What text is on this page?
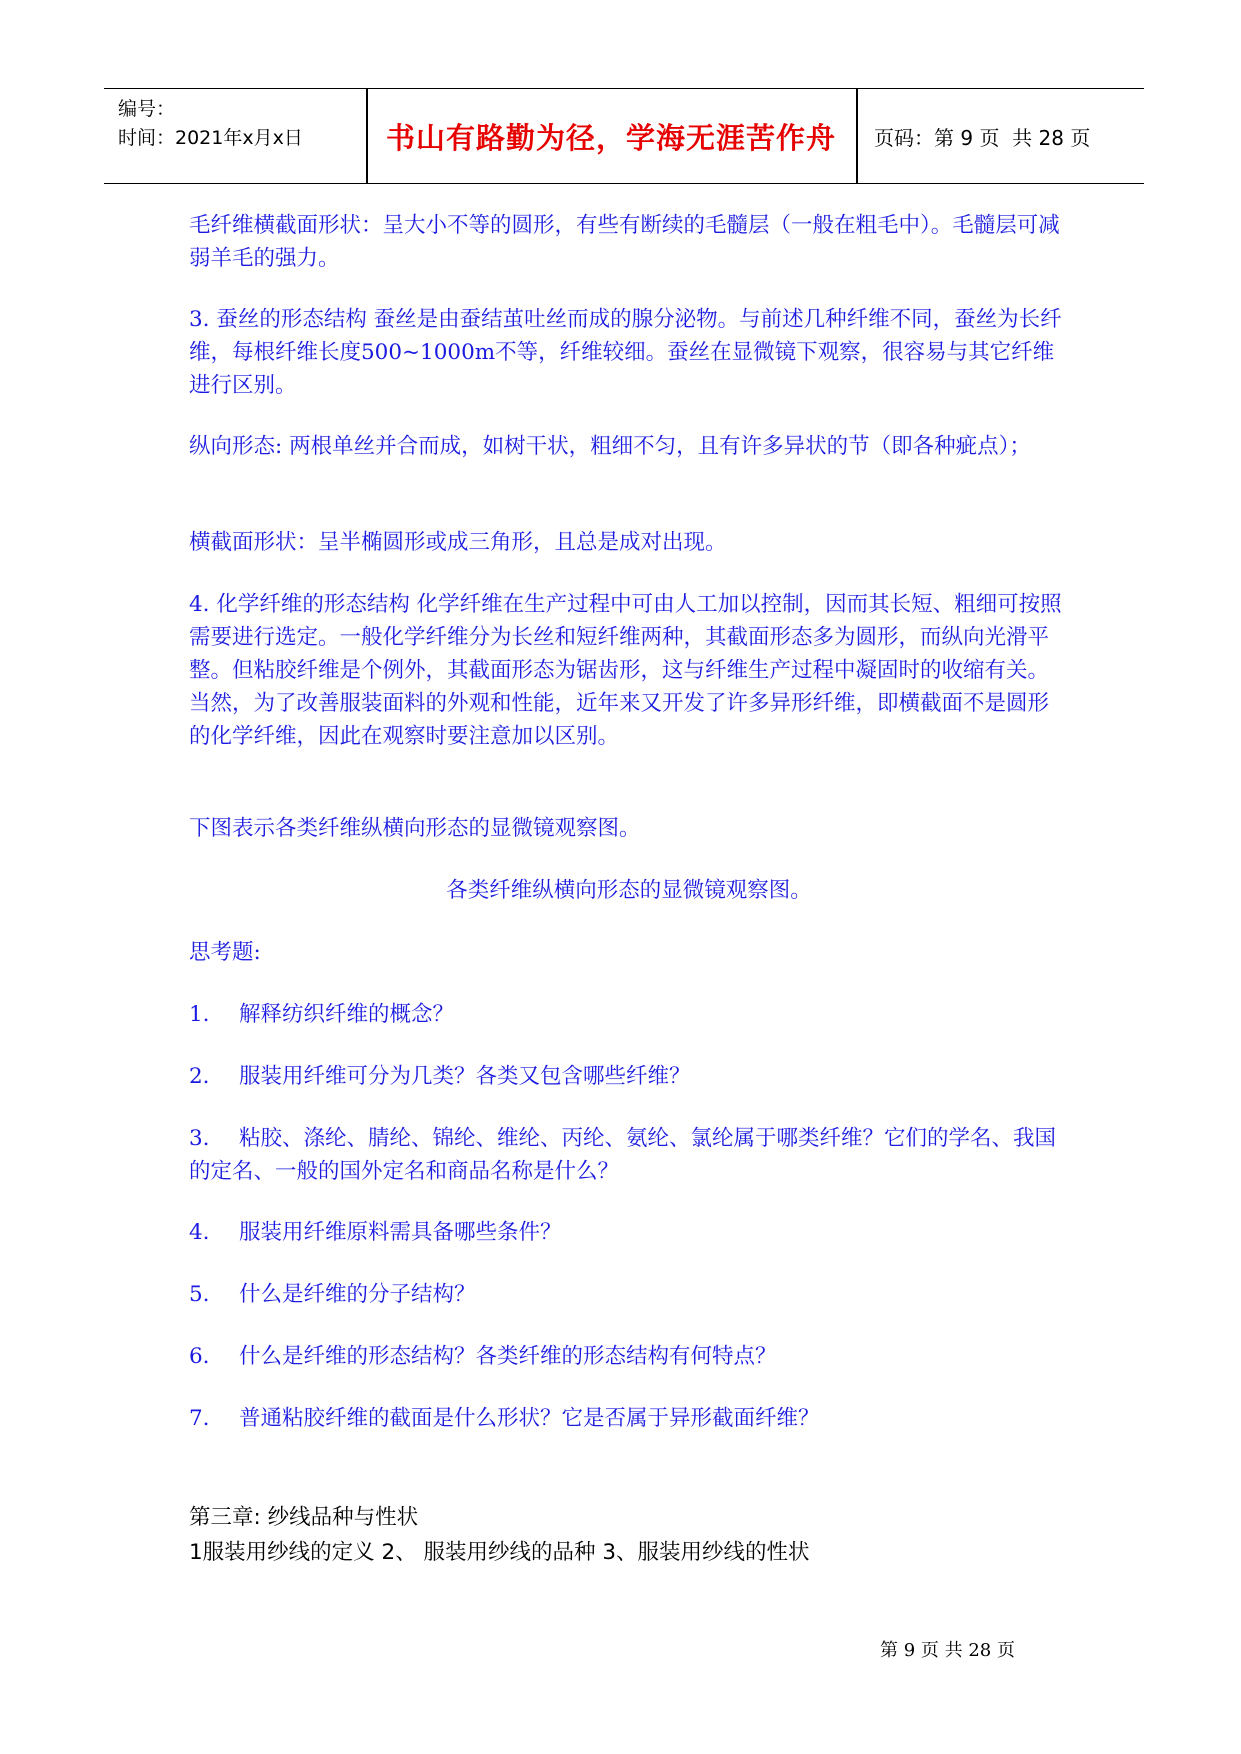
编号：
时间：2021年x月x日	书山有路勤为径，学海无涯苦作舟	页码：第 9 页  共 28 页

毛纤维横截面形状：呈大小不等的圆形，有些有断续的毛髓层（一般在粗毛中）。毛髓层可减弱羊毛的强力。

3. 蚕丝的形态结构 蚕丝是由蚕结茧吐丝而成的腺分泌物。与前述几种纤维不同，蚕丝为长纤维，每根纤维长度500~1000m不等，纤维较细。蚕丝在显微镜下观察，很容易与其它纤维进行区别。

纵向形态: 两根单丝并合而成，如树干状，粗细不匀，且有许多异状的节（即各种疵点）；

横截面形状：呈半椭圆形或成三角形，且总是成对出现。

4. 化学纤维的形态结构 化学纤维在生产过程中可由人工加以控制，因而其长短、粗细可按照需要进行选定。一般化学纤维分为长丝和短纤维两种，其截面形态多为圆形，而纵向光滑平整。但粘胶纤维是个例外，其截面形态为锯齿形，这与纤维生产过程中凝固时的收缩有关。当然，为了改善服装面料的外观和性能，近年来又开发了许多异形纤维，即横截面不是圆形的化学纤维，因此在观察时要注意加以区别。

下图表示各类纤维纵横向形态的显微镜观察图。

各类纤维纵横向形态的显微镜观察图。

思考题:

1. 解释纺织纤维的概念？

2. 服装用纤维可分为几类？各类又包含哪些纤维？

3. 粘胶、涤纶、腈纶、锦纶、维纶、丙纶、氨纶、氯纶属于哪类纤维？它们的学名、我国的定名、一般的国外定名和商品名称是什么？

4. 服装用纤维原料需具备哪些条件？

5. 什么是纤维的分子结构？

6. 什么是纤维的形态结构？各类纤维的形态结构有何特点？

7. 普通粘胶纤维的截面是什么形状？它是否属于异形截面纤维？

第三章: 纱线品种与性状
1服装用纱线的定义 2、 服装用纱线的品种 3、服装用纱线的性状
第 9 页 共 28 页
